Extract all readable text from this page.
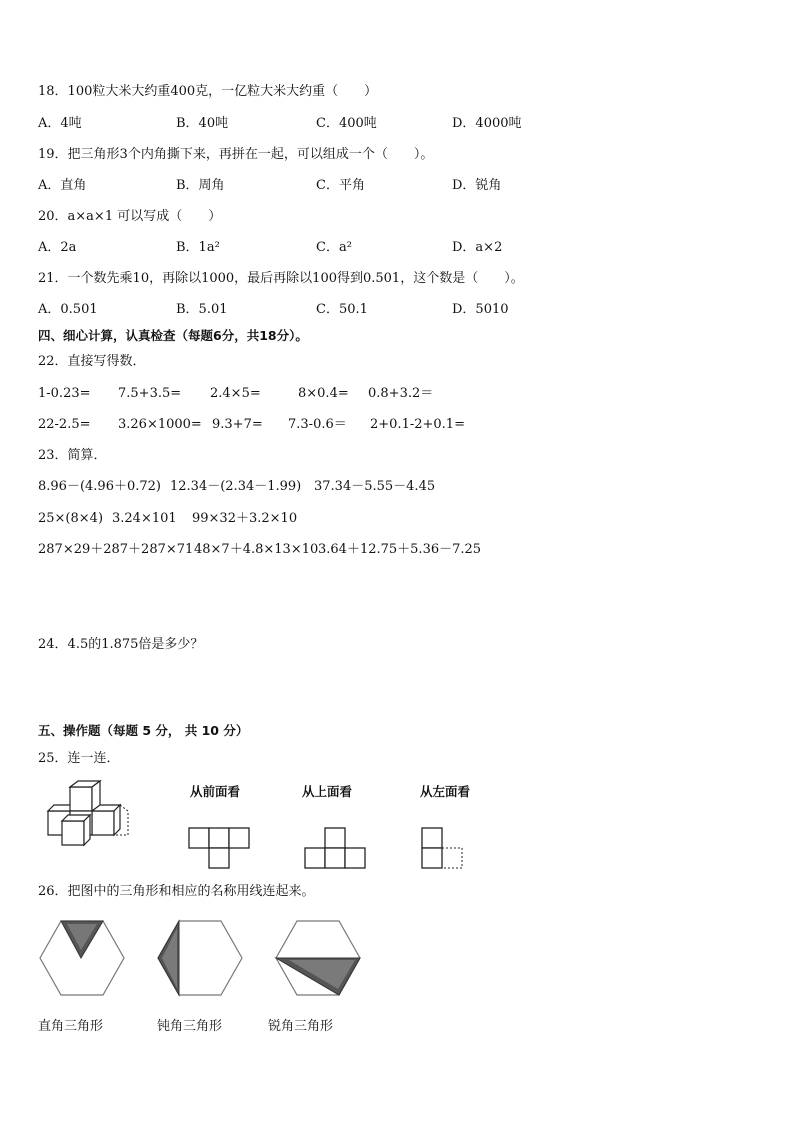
18．100粒大米大约重400克，一亿粒大米大约重（　　）
A．4吨	B．40吨	C．400吨	D．4000吨
19．把三角形3个内角撕下来，再拼在一起，可以组成一个（　　）。
A．直角	B．周角	C．平角	D．锐角
20．a×a×1 可以写成（　　）
A．2a	B．1a²	C．a²	D．a×2
21．一个数先乘10，再除以1000，最后再除以100得到0.501，这个数是（　　）。
A．0.501	B．5.01	C．50.1	D．5010
四、细心计算，认真检查（每题6分，共18分）。
22．直接写得数．
1-0.23= 7.5+3.5= 2.4×5=	8×0.4= 0.8+3.2＝
22-2.5= 3.26×1000= 9.3+7= 7.3-0.6＝ 2+0.1-2+0.1=
23．简算．
8.96－(4.96＋0.72) 12.34－(2.34－1.99) 37.34－5.55－4.45
25×(8×4) 3.24×101 99×32＋3.2×10
287×29＋287＋287×71 48×7＋4.8×13×10 3.64＋12.75＋5.36－7.25
24．4.5的1.875倍是多少？
五、操作题（每题 5 分， 共 10 分）
25．连一连．
从前面看	从上面看	从左面看
26．把图中的三角形和相应的名称用线连起来。
直角三角形	钝角三角形	锐角三角形
